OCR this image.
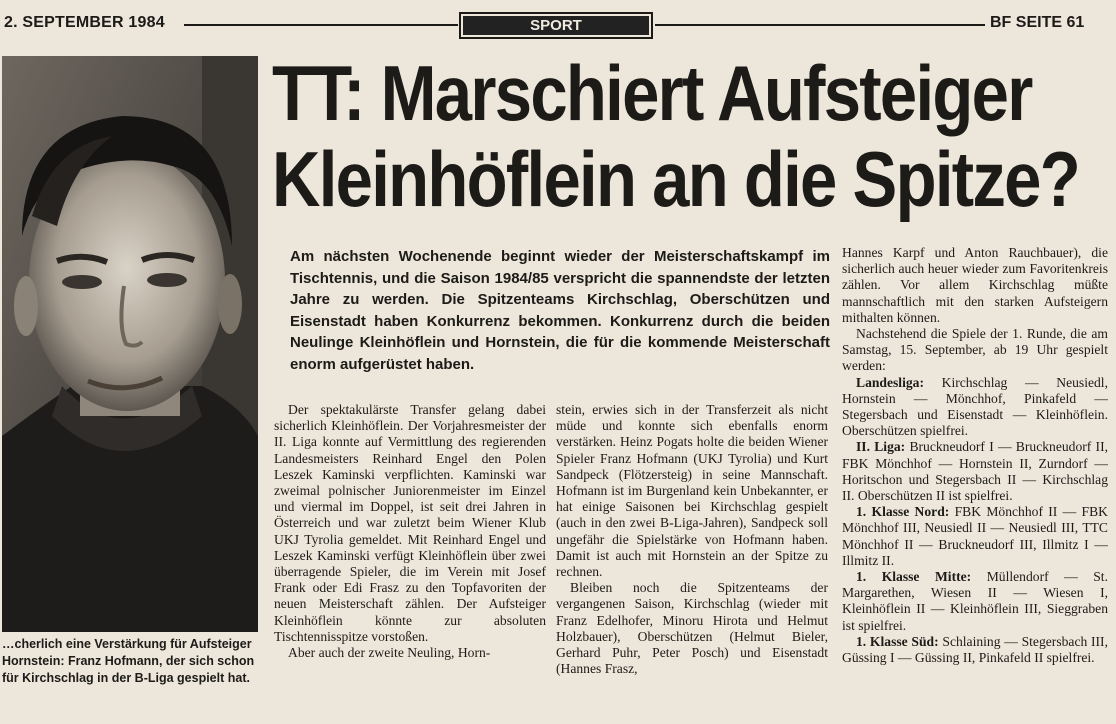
2. SEPTEMBER 1984	SPORT	BF SEITE 61
…cherlich eine Verstärkung für Aufsteiger Hornstein: Franz Hofmann, der sich schon für Kirchschlag in der B-Liga gespielt hat.
TT: Marschiert Aufsteiger
Kleinhöflein an die Spitze?
Am nächsten Wochenende beginnt wieder der Meisterschaftskampf im Tischtennis, und die Saison 1984/85 verspricht die spannendste der letzten Jahre zu werden. Die Spitzenteams Kirchschlag, Oberschützen und Eisenstadt haben Konkurrenz bekommen. Konkurrenz durch die beiden Neulinge Kleinhöflein und Hornstein, die für die kommende Meisterschaft enorm aufgerüstet haben.

Der spektakulärste Transfer gelang dabei sicherlich Kleinhöflein. Der Vorjahresmeister der II. Liga konnte auf Vermittlung des regierenden Landesmeisters Reinhard Engel den Polen Leszek Kaminski verpflichten. Kaminski war zweimal polnischer Juniorenmeister im Einzel und viermal im Doppel, ist seit drei Jahren in Österreich und war zuletzt beim Wiener Klub UKJ Tyrolia gemeldet. Mit Reinhard Engel und Leszek Kaminski verfügt Kleinhöflein über zwei überragende Spieler, die im Verein mit Josef Frank oder Edi Frasz zu den Topfavoriten der neuen Meisterschaft zählen. Der Aufsteiger Kleinhöflein könnte zur absoluten Tischtennisspitze vorstoßen.

Aber auch der zweite Neuling, Horn-

stein, erwies sich in der Transferzeit als nicht müde und konnte sich ebenfalls enorm verstärken. Heinz Pogats holte die beiden Wiener Spieler Franz Hofmann (UKJ Tyrolia) und Kurt Sandpeck (Flötzersteig) in seine Mannschaft. Hofmann ist im Burgenland kein Unbekannter, er hat einige Saisonen bei Kirchschlag gespielt (auch in den zwei B-Liga-Jahren), Sandpeck soll ungefähr die Spielstärke von Hofmann haben. Damit ist auch mit Hornstein an der Spitze zu rechnen.

Bleiben noch die Spitzenteams der vergangenen Saison, Kirchschlag (wieder mit Franz Edelhofer, Minoru Hirota und Helmut Holzbauer), Oberschützen (Helmut Bieler, Gerhard Puhr, Peter Posch) und Eisenstadt (Hannes Frasz,

Hannes Karpf und Anton Rauchbauer), die sicherlich auch heuer wieder zum Favoritenkreis zählen. Vor allem Kirchschlag müßte mannschaftlich mit den starken Aufsteigern mithalten können.

Nachstehend die Spiele der 1. Runde, die am Samstag, 15. September, ab 19 Uhr gespielt werden:

Landesliga: Kirchschlag — Neusiedl, Hornstein — Mönchhof, Pinkafeld — Stegersbach und Eisenstadt — Kleinhöflein. Oberschützen spielfrei.

II. Liga: Bruckneudorf I — Bruckneudorf II, FBK Mönchhof — Hornstein II, Zurndorf — Horitschon und Stegersbach II — Kirchschlag II. Oberschützen II ist spielfrei.

1. Klasse Nord: FBK Mönchhof II — FBK Mönchhof III, Neusiedl II — Neusiedl III, TTC Mönchhof II — Bruckneudorf III, Illmitz I — Illmitz II.

1. Klasse Mitte: Müllendorf — St. Margarethen, Wiesen II — Wiesen I, Kleinhöflein II — Kleinhöflein III, Sieggraben ist spielfrei.

1. Klasse Süd: Schlaining — Stegersbach III, Güssing I — Güssing II, Pinkafeld II spielfrei.
